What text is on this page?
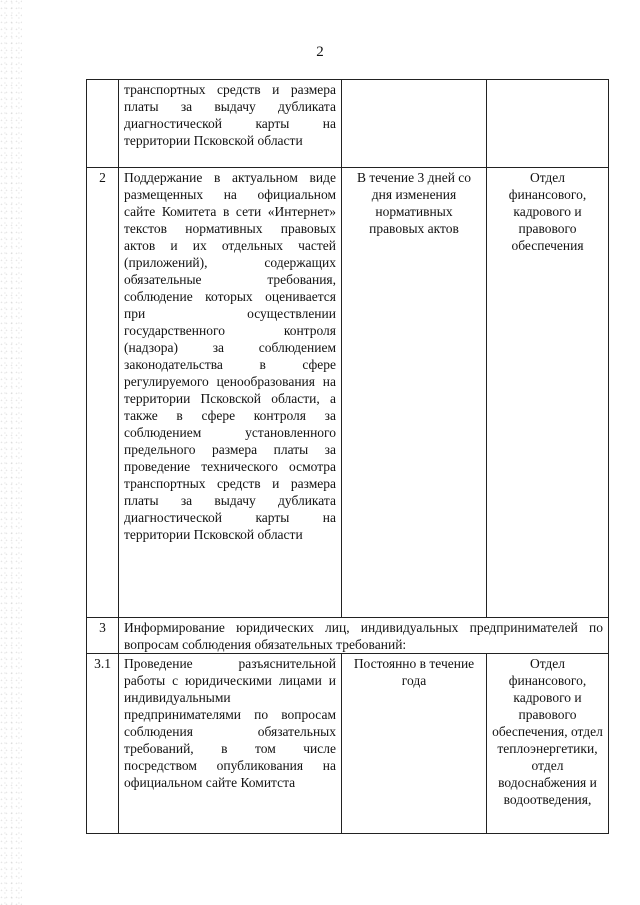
2
	транспортных средств и размера платы за выдачу дубликата диагностической карты на территории Псковской области		
2	Поддержание в актуальном виде размещенных на официальном сайте Комитета в сети «Интернет» текстов нормативных правовых актов и их отдельных частей (приложений), содержащих обязательные требования, соблюдение которых оценивается при осуществлении государственного контроля (надзора) за соблюдением законодательства в сфере регулируемого ценообразования на территории Псковской области, а также в сфере контроля за соблюдением установленного предельного размера платы за проведение технического осмотра транспортных средств и размера платы за выдачу дубликата диагностической карты на территории Псковской области	В течение 3 дней со дня изменения нормативных правовых актов	Отдел финансового, кадрового и правового обеспечения
3	Информирование юридических лиц, индивидуальных предпринимателей по вопросам соблюдения обязательных требований:		
3.1	Проведение разъяснительной работы с юридическими лицами и индивидуальными предпринимателями по вопросам соблюдения обязательных требований, в том числе посредством опубликования на официальном сайте Комитста	Постоянно в течение года	Отдел финансового, кадрового и правового обеспечения, отдел теплоэнергетики, отдел водоснабжения и водоотведения,
